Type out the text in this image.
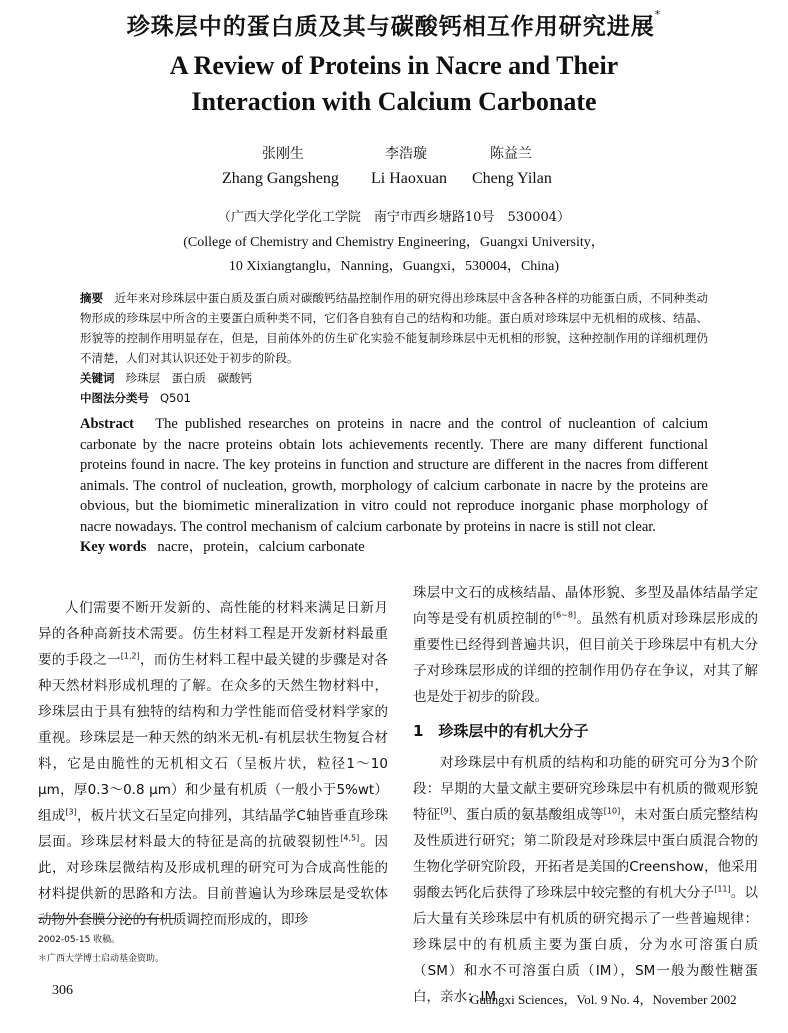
珍珠层中的蛋白质及其与碳酸钙相互作用研究进展*
A Review of Proteins in Nacre and Their
Interaction with Calcium Carbonate
张刚生	李浩璇	陈益兰
Zhang Gangsheng Li Haoxuan Cheng Yilan
（广西大学化学化工学院　南宁市西乡塘路10号　530004）
(College of Chemistry and Chemistry Engineering，Guangxi University，
10 Xixiangtanglu，Nanning，Guangxi，530004，China)
摘要 近年来对珍珠层中蛋白质及蛋白质对碳酸钙结晶控制作用的研究得出珍珠层中含各种各样的功能蛋白质，不同种类动物形成的珍珠层中所含的主要蛋白质种类不同，它们各自独有自己的结构和功能。蛋白质对珍珠层中无机相的成核、结晶、形貌等的控制作用明显存在，但是，目前体外的仿生矿化实验不能复制珍珠层中无机相的形貌，这种控制作用的详细机理仍不清楚，人们对其认识还处于初步的阶段。
关键词 珍珠层　蛋白质　碳酸钙
中图法分类号 Q501
Abstract The published researches on proteins in nacre and the control of nucleantion of calcium carbonate by the nacre proteins obtain lots achievements recently. There are many different functional proteins found in nacre. The key proteins in function and structure are different in the nacres from different animals. The control of nucleation, growth, morphology of calcium carbonate in nacre by the proteins are obvious, but the biomimetic mineralization in vitro could not reproduce inorganic phase morphology of nacre nowadays. The control mechanism of calcium carbonate by proteins in nacre is still not clear.
Key words nacre，protein，calcium carbonate
人们需要不断开发新的、高性能的材料来满足日新月异的各种高新技术需要。仿生材料工程是开发新材料最重要的手段之一[1,2]，而仿生材料工程中最关键的步骤是对各种天然材料形成机理的了解。在众多的天然生物材料中，珍珠层由于具有独特的结构和力学性能而倍受材料学家的重视。珍珠层是一种天然的纳米无机-有机层状生物复合材料，它是由脆性的无机相文石（呈板片状，粒径1～10 μm，厚0.3～0.8 μm）和少量有机质（一般小于5%wt）组成[3]，板片状文石呈定向排列，其结晶学C轴皆垂直珍珠层面。珍珠层材料最大的特征是高的抗破裂韧性[4,5]。因此，对珍珠层微结构及形成机理的研究可为合成高性能的材料提供新的思路和方法。目前普遍认为珍珠层是受软体动物外套膜分泌的有机质调控而形成的，即珍
珠层中文石的成核结晶、晶体形貌、多型及晶体结晶学定向等是受有机质控制的[6~8]。虽然有机质对珍珠层形成的重要性已经得到普遍共识，但目前关于珍珠层中有机大分子对珍珠层形成的详细的控制作用仍存在争议，对其了解也是处于初步的阶段。
1　珍珠层中的有机大分子
对珍珠层中有机质的结构和功能的研究可分为3个阶段：早期的大量文献主要研究珍珠层中有机质的微观形貌特征[9]、蛋白质的氨基酸组成等[10]，未对蛋白质完整结构及性质进行研究；第二阶段是对珍珠层中蛋白质混合物的生物化学研究阶段，开拓者是美国的Creenshow，他采用弱酸去钙化后获得了珍珠层中较完整的有机大分子[11]。以后大量有关珍珠层中有机质的研究揭示了一些普遍规律：珍珠层中的有机质主要为蛋白质，分为水可溶蛋白质（SM）和水不可溶蛋白质（IM），SM一般为酸性糖蛋白，亲水；IM
2002-05-15 收稿。
＊广西大学博士启动基金资助。
306
Guangxi Sciences，Vol. 9 No. 4，November 2002
